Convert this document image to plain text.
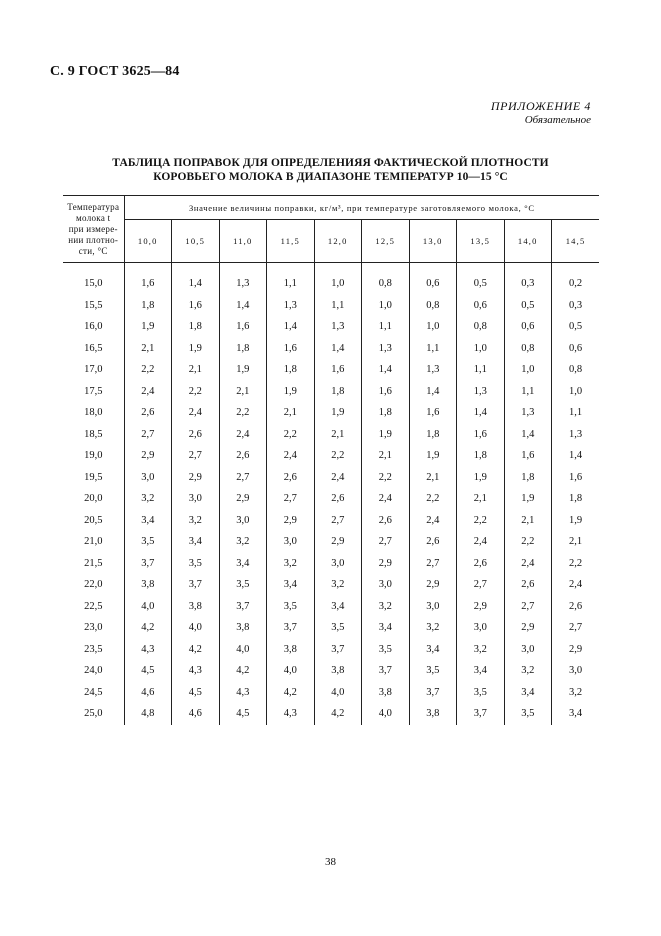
С. 9 ГОСТ 3625—84
ПРИЛОЖЕНИЕ 4
Обязательное
ТАБЛИЦА ПОПРАВОК ДЛЯ ОПРЕДЕЛЕНИЯЯ ФАКТИЧЕСКОЙ ПЛОТНОСТИ
КОРОВЬЕГО МОЛОКА В ДИАПАЗОНЕ ТЕМПЕРАТУР 10—15 °С
Температура
молока t
при измере-
нии плотно-
сти, °С	Значение величины поправки, кг/м³, при температуре заготовляемого молока, °С									
	10,0	10,5	11,0	11,5	12,0	12,5	13,0	13,5	14,0	14,5

15,0	1,6	1,4	1,3	1,1	1,0	0,8	0,6	0,5	0,3	0,2
15,5	1,8	1,6	1,4	1,3	1,1	1,0	0,8	0,6	0,5	0,3
16,0	1,9	1,8	1,6	1,4	1,3	1,1	1,0	0,8	0,6	0,5
16,5	2,1	1,9	1,8	1,6	1,4	1,3	1,1	1,0	0,8	0,6
17,0	2,2	2,1	1,9	1,8	1,6	1,4	1,3	1,1	1,0	0,8
17,5	2,4	2,2	2,1	1,9	1,8	1,6	1,4	1,3	1,1	1,0
18,0	2,6	2,4	2,2	2,1	1,9	1,8	1,6	1,4	1,3	1,1
18,5	2,7	2,6	2,4	2,2	2,1	1,9	1,8	1,6	1,4	1,3
19,0	2,9	2,7	2,6	2,4	2,2	2,1	1,9	1,8	1,6	1,4
19,5	3,0	2,9	2,7	2,6	2,4	2,2	2,1	1,9	1,8	1,6
20,0	3,2	3,0	2,9	2,7	2,6	2,4	2,2	2,1	1,9	1,8
20,5	3,4	3,2	3,0	2,9	2,7	2,6	2,4	2,2	2,1	1,9
21,0	3,5	3,4	3,2	3,0	2,9	2,7	2,6	2,4	2,2	2,1
21,5	3,7	3,5	3,4	3,2	3,0	2,9	2,7	2,6	2,4	2,2
22,0	3,8	3,7	3,5	3,4	3,2	3,0	2,9	2,7	2,6	2,4
22,5	4,0	3,8	3,7	3,5	3,4	3,2	3,0	2,9	2,7	2,6
23,0	4,2	4,0	3,8	3,7	3,5	3,4	3,2	3,0	2,9	2,7
23,5	4,3	4,2	4,0	3,8	3,7	3,5	3,4	3,2	3,0	2,9
24,0	4,5	4,3	4,2	4,0	3,8	3,7	3,5	3,4	3,2	3,0
24,5	4,6	4,5	4,3	4,2	4,0	3,8	3,7	3,5	3,4	3,2
25,0	4,8	4,6	4,5	4,3	4,2	4,0	3,8	3,7	3,5	3,4
38
